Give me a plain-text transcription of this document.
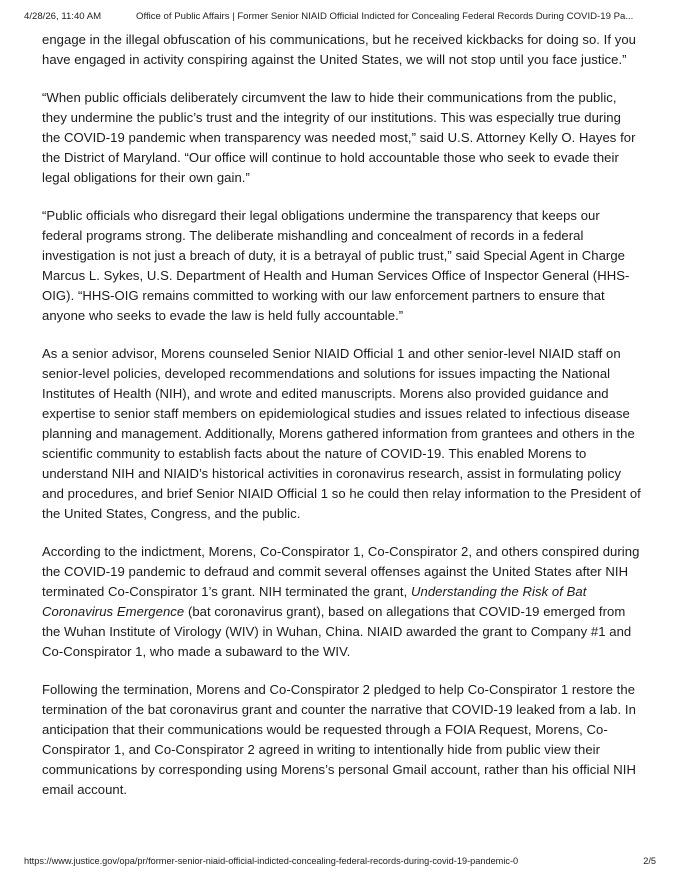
4/28/26, 11:40 AM	Office of Public Affairs | Former Senior NIAID Official Indicted for Concealing Federal Records During COVID-19 Pa...

engage in the illegal obfuscation of his communications, but he received kickbacks for doing so. If you have engaged in activity conspiring against the United States, we will not stop until you face justice.”

“When public officials deliberately circumvent the law to hide their communications from the public, they undermine the public’s trust and the integrity of our institutions. This was especially true during the COVID-19 pandemic when transparency was needed most,” said U.S. Attorney Kelly O. Hayes for the District of Maryland. “Our office will continue to hold accountable those who seek to evade their legal obligations for their own gain.”

“Public officials who disregard their legal obligations undermine the transparency that keeps our federal programs strong. The deliberate mishandling and concealment of records in a federal investigation is not just a breach of duty, it is a betrayal of public trust,” said Special Agent in Charge Marcus L. Sykes, U.S. Department of Health and Human Services Office of Inspector General (HHS-OIG). “HHS-OIG remains committed to working with our law enforcement partners to ensure that anyone who seeks to evade the law is held fully accountable.”

As a senior advisor, Morens counseled Senior NIAID Official 1 and other senior-level NIAID staff on senior-level policies, developed recommendations and solutions for issues impacting the National Institutes of Health (NIH), and wrote and edited manuscripts. Morens also provided guidance and expertise to senior staff members on epidemiological studies and issues related to infectious disease planning and management. Additionally, Morens gathered information from grantees and others in the scientific community to establish facts about the nature of COVID-19. This enabled Morens to understand NIH and NIAID’s historical activities in coronavirus research, assist in formulating policy and procedures, and brief Senior NIAID Official 1 so he could then relay information to the President of the United States, Congress, and the public.

According to the indictment, Morens, Co-Conspirator 1, Co-Conspirator 2, and others conspired during the COVID-19 pandemic to defraud and commit several offenses against the United States after NIH terminated Co-Conspirator 1’s grant. NIH terminated the grant, Understanding the Risk of Bat Coronavirus Emergence (bat coronavirus grant), based on allegations that COVID-19 emerged from the Wuhan Institute of Virology (WIV) in Wuhan, China. NIAID awarded the grant to Company #1 and Co-Conspirator 1, who made a subaward to the WIV.

Following the termination, Morens and Co-Conspirator 2 pledged to help Co-Conspirator 1 restore the termination of the bat coronavirus grant and counter the narrative that COVID-19 leaked from a lab. In anticipation that their communications would be requested through a FOIA Request, Morens, Co-Conspirator 1, and Co-Conspirator 2 agreed in writing to intentionally hide from public view their communications by corresponding using Morens’s personal Gmail account, rather than his official NIH email account.

https://www.justice.gov/opa/pr/former-senior-niaid-official-indicted-concealing-federal-records-during-covid-19-pandemic-0	2/5
